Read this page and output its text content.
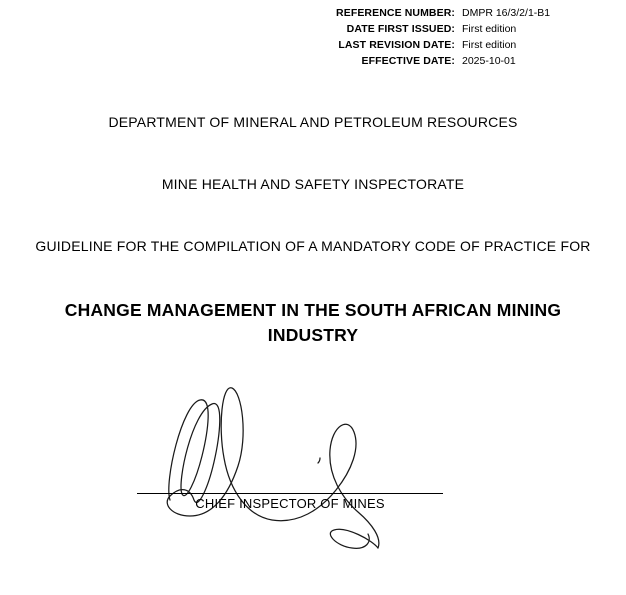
REFERENCE NUMBER: DMPR 16/3/2/1-B1
DATE FIRST ISSUED: First edition
LAST REVISION DATE: First edition
EFFECTIVE DATE: 2025-10-01
DEPARTMENT OF MINERAL AND PETROLEUM RESOURCES
MINE HEALTH AND SAFETY INSPECTORATE
GUIDELINE FOR THE COMPILATION OF A MANDATORY CODE OF PRACTICE FOR
CHANGE MANAGEMENT IN THE SOUTH AFRICAN MINING INDUSTRY
CHIEF INSPECTOR OF MINES
